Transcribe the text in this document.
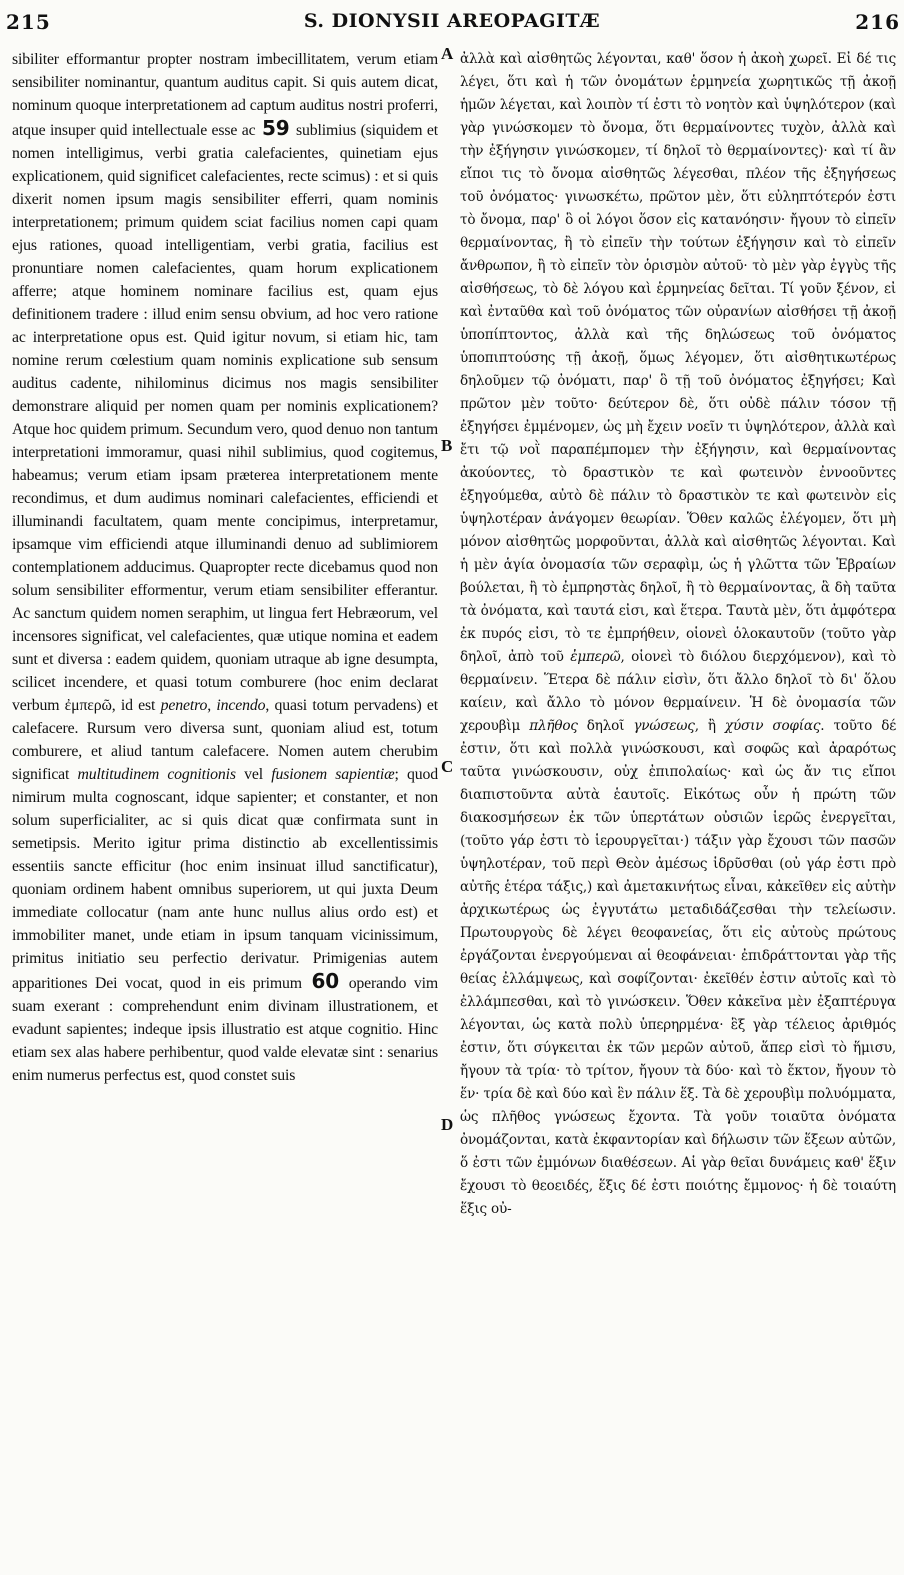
215	S. DIONYSII AREOPAGITÆ	216

sibiliter efformantur propter nostram imbecillitatem, verum etiam sensibiliter nominantur, quantum auditus capit. Si quis autem dicat, nominum quoque interpretationem ad captum auditus nostri proferri, atque insuper quid intellectuale esse ac 59 sublimius (siquidem et nomen intelligimus, verbi gratia calefacientes, quinetiam ejus explicationem, quid significet calefacientes, recte scimus) : et si quis dixerit nomen ipsum magis sensibiliter efferri, quam nominis interpretationem; primum quidem sciat facilius nomen capi quam ejus rationes, quoad intelligentiam, verbi gratia, facilius est pronuntiare nomen calefacientes, quam horum explicationem afferre; atque hominem nominare facilius est, quam ejus definitionem tradere : illud enim sensu obvium, ad hoc vero ratione ac interpretatione opus est. Quid igitur novum, si etiam hic, tam nomine rerum cœlestium quam nominis explicatione sub sensum auditus cadente, nihilominus dicimus nos magis sensibiliter demonstrare aliquid per nomen quam per nominis explicationem? Atque hoc quidem primum. Secundum vero, quod denuo non tantum interpretationi immoramur, quasi nihil sublimius, quod cogitemus, habeamus; verum etiam ipsam præterea interpretationem mente recondimus, et dum audimus nominari calefacientes, efficiendi et illuminandi facultatem, quam mente concipimus, interpretamur, ipsamque vim efficiendi atque illuminandi denuo ad sublimiorem contemplationem adducimus. Quapropter recte dicebamus quod non solum sensibiliter efformentur, verum etiam sensibiliter efferantur. Ac sanctum quidem nomen seraphim, ut lingua fert Hebræorum, vel incensores significat, vel calefacientes, quæ utique nomina et eadem sunt et diversa : eadem quidem, quoniam utraque ab igne desumpta, scilicet incendere, et quasi totum comburere (hoc enim declarat verbum ἐμπερῶ, id est penetro, incendo, quasi totum pervadens) et calefacere. Rursum vero diversa sunt, quoniam aliud est, totum comburere, et aliud tantum calefacere. Nomen autem cherubim significat multitudinem cognitionis vel fusionem sapientiæ; quod nimirum multa cognoscant, idque sapienter; et constanter, et non solum superficialiter, ac si quis dicat quæ confirmata sunt in semetipsis. Merito igitur prima distinctio ab excellentissimis essentiis sancte efficitur (hoc enim insinuat illud sanctificatur), quoniam ordinem habent omnibus superiorem, ut qui juxta Deum immediate collocatur (nam ante hunc nullus alius ordo est) et immobiliter manet, unde etiam in ipsum tanquam vicinissimum, primitus initiatio seu perfectio derivatur. Primigenias autem apparitiones Dei vocat, quod in eis primum 60 operando vim suam exerant : comprehendunt enim divinam illustrationem, et evadunt sapientes; indeque ipsis illustratio est atque cognitio. Hinc etiam sex alas habere perhibentur, quod valde elevatæ sint : senarius enim numerus perfectus est, quod constet suis

A
B
C
D

ἀλλὰ καὶ αἰσθητῶς λέγονται, καθ' ὅσον ἡ ἀκοὴ χωρεῖ. Εἰ δέ τις λέγει, ὅτι καὶ ἡ τῶν ὀνομάτων ἑρμηνεία χωρητικῶς τῇ ἀκοῇ ἡμῶν λέγεται, καὶ λοιπὸν τί ἐστι τὸ νοητὸν καὶ ὑψηλότερον (καὶ γὰρ γινώσκομεν τὸ ὄνομα, ὅτι θερμαίνοντες τυχὸν, ἀλλὰ καὶ τὴν ἐξήγησιν γινώσκομεν, τί δηλοῖ τὸ θερμαίνοντες)· καὶ τί ἂν εἴποι τις τὸ ὄνομα αἰσθητῶς λέγεσθαι, πλέον τῆς ἐξηγήσεως τοῦ ὀνόματος· γινωσκέτω, πρῶτον μὲν, ὅτι εὐληπτότερόν ἐστι τὸ ὄνομα, παρ' ὃ οἱ λόγοι ὅσον εἰς κατανόησιν· ἤγουν τὸ εἰπεῖν θερμαίνοντας, ἢ τὸ εἰπεῖν τὴν τούτων ἐξήγησιν καὶ τὸ εἰπεῖν ἄνθρωπον, ἢ τὸ εἰπεῖν τὸν ὁρισμὸν αὐτοῦ· τὸ μὲν γὰρ ἐγγὺς τῆς αἰσθήσεως, τὸ δὲ λόγου καὶ ἑρμηνείας δεῖται. Τί γοῦν ξένον, εἰ καὶ ἐνταῦθα καὶ τοῦ ὀνόματος τῶν οὐρανίων αἰσθήσει τῇ ἀκοῇ ὑποπίπτοντος, ἀλλὰ καὶ τῆς δηλώσεως τοῦ ὀνόματος ὑποπιπτούσης τῇ ἀκοῇ, ὅμως λέγομεν, ὅτι αἰσθητικωτέρως δηλοῦμεν τῷ ὀνόματι, παρ' ὃ τῇ τοῦ ὀνόματος ἐξηγήσει; Καὶ πρῶτον μὲν τοῦτο· δεύτερον δὲ, ὅτι οὐδὲ πάλιν τόσον τῇ ἐξηγήσει ἐμμένομεν, ὡς μὴ ἔχειν νοεῖν τι ὑψηλότερον, ἀλλὰ καὶ ἔτι τῷ νοῒ παραπέμπομεν τὴν ἐξήγησιν, καὶ θερμαίνοντας ἀκούοντες, τὸ δραστικὸν τε καὶ φωτεινὸν ἐννοοῦντες ἐξηγούμεθα, αὐτὸ δὲ πάλιν τὸ δραστικὸν τε καὶ φωτεινὸν εἰς ὑψηλοτέραν ἀνάγομεν θεωρίαν. Ὅθεν καλῶς ἐλέγομεν, ὅτι μὴ μόνον αἰσθητῶς μορφοῦνται, ἀλλὰ καὶ αἰσθητῶς λέγονται. Καὶ ἡ μὲν ἁγία ὀνομασία τῶν σεραφὶμ, ὡς ἡ γλῶττα τῶν Ἑβραίων βούλεται, ἢ τὸ ἐμπρηστὰς δηλοῖ, ἢ τὸ θερμαίνοντας, ἃ δὴ ταῦτα τὰ ὀνόματα, καὶ ταυτά εἰσι, καὶ ἕτερα. Ταυτὰ μὲν, ὅτι ἀμφότερα ἐκ πυρός εἰσι, τὸ τε ἐμπρήθειν, οἱονεὶ ὁλοκαυτοῦν (τοῦτο γὰρ δηλοῖ, ἀπὸ τοῦ ἐμπερῶ, οἱονεὶ τὸ διόλου διερχόμενον), καὶ τὸ θερμαίνειν. Ἕτερα δὲ πάλιν εἰσὶν, ὅτι ἄλλο δηλοῖ τὸ δι' ὅλου καίειν, καὶ ἄλλο τὸ μόνον θερμαίνειν. Ἡ δὲ ὀνομασία τῶν χερουβὶμ πλῆθος δηλοῖ γνώσεως, ἢ χύσιν σοφίας. τοῦτο δέ ἐστιν, ὅτι καὶ πολλὰ γινώσκουσι, καὶ σοφῶς καὶ ἀραρότως ταῦτα γινώσκουσιν, οὐχ ἐπιπολαίως· καὶ ὡς ἄν τις εἴποι διαπιστοῦντα αὐτὰ ἑαυτοῖς. Εἰκότως οὖν ἡ πρώτη τῶν διακοσμήσεων ἐκ τῶν ὑπερτάτων οὐσιῶν ἱερῶς ἐνεργεῖται, (τοῦτο γάρ ἐστι τὸ ἱερουργεῖται·) τάξιν γὰρ ἔχουσι τῶν πασῶν ὑψηλοτέραν, τοῦ περὶ Θεὸν ἀμέσως ἱδρῦσθαι (οὐ γάρ ἐστι πρὸ αὐτῆς ἑτέρα τάξις,) καὶ ἀμετακινήτως εἶναι, κἀκεῖθεν εἰς αὐτὴν ἀρχικωτέρως ὡς ἐγγυτάτω μεταδιδάζεσθαι τὴν τελείωσιν. Πρωτουργοὺς δὲ λέγει θεοφανείας, ὅτι εἰς αὐτοὺς πρώτους ἐργάζονται ἐνεργούμεναι αἱ θεοφάνειαι· ἐπιδράττονται γὰρ τῆς θείας ἐλλάμψεως, καὶ σοφίζονται· ἐκεῖθέν ἐστιν αὐτοῖς καὶ τὸ ἐλλάμπεσθαι, καὶ τὸ γινώσκειν. Ὅθεν κἀκεῖνα μὲν ἐξαπτέρυγα λέγονται, ὡς κατὰ πολὺ ὑπερηρμένα· ἓξ γὰρ τέλειος ἀριθμός ἐστιν, ὅτι σύγκειται ἐκ τῶν μερῶν αὐτοῦ, ἅπερ εἰσὶ τὸ ἥμισυ, ἤγουν τὰ τρία· τὸ τρίτον, ἤγουν τὰ δύο· καὶ τὸ ἕκτον, ἤγουν τὸ ἕν· τρία δὲ καὶ δύο καὶ ἓν πάλιν ἕξ. Τὰ δὲ χερουβὶμ πολυόμματα, ὡς πλῆθος γνώσεως ἔχοντα. Τὰ γοῦν τοιαῦτα ὀνόματα ὀνομάζονται, κατὰ ἐκφαντορίαν καὶ δήλωσιν τῶν ἕξεων αὐτῶν, ὅ ἐστι τῶν ἐμμόνων διαθέσεων. Αἱ γὰρ θεῖαι δυνάμεις καθ' ἕξιν ἔχουσι τὸ θεοειδές, ἕξις δέ ἐστι ποιότης ἔμμονος· ἡ δὲ τοιαύτη ἕξις οὐ-
